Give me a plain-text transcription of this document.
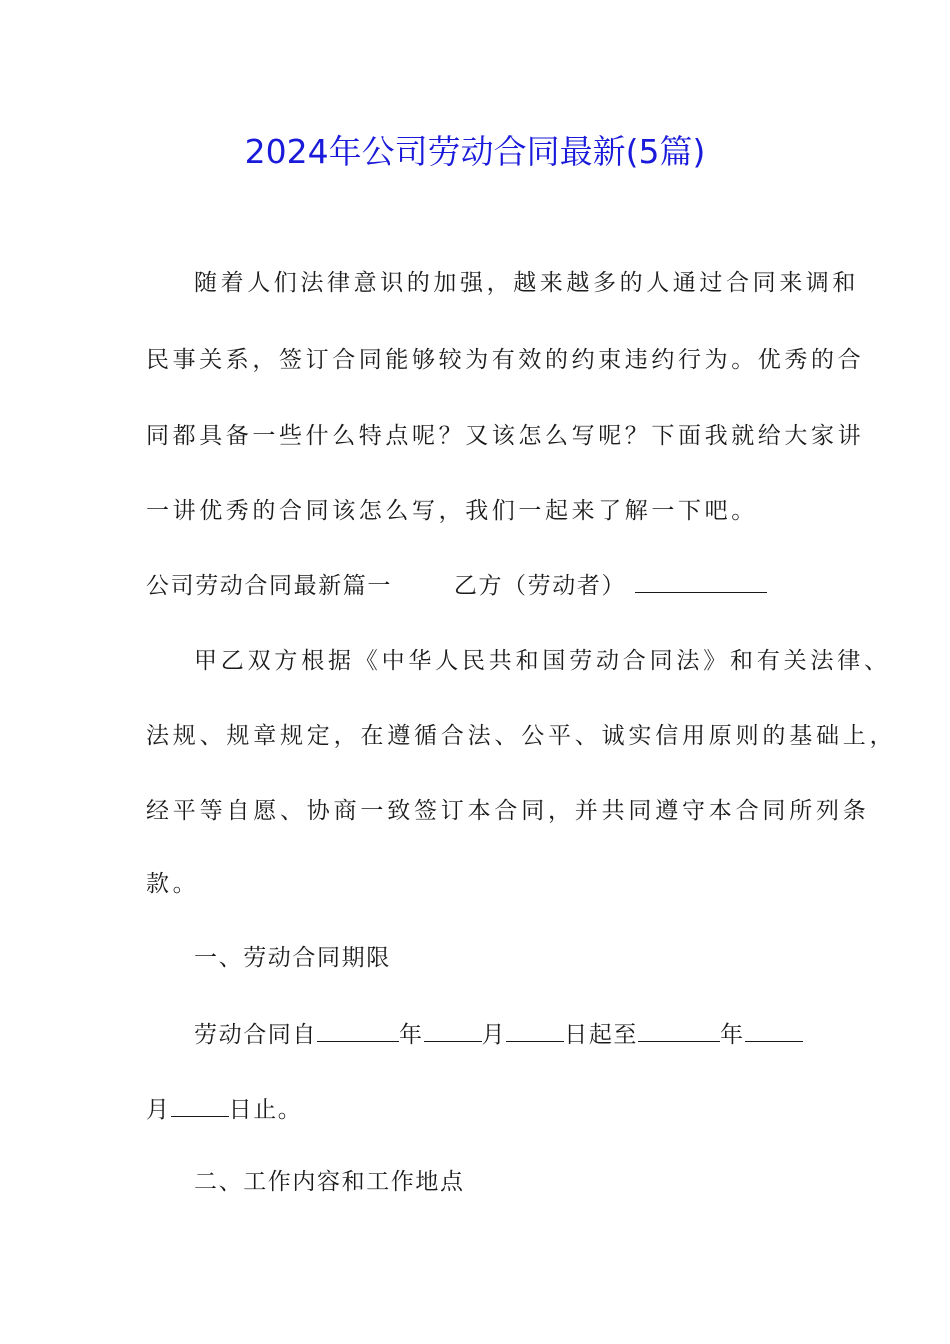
2024年公司劳动合同最新(5篇)
随着人们法律意识的加强，越来越多的人通过合同来调和
民事关系，签订合同能够较为有效的约束违约行为。优秀的合
同都具备一些什么特点呢？又该怎么写呢？下面我就给大家讲
一讲优秀的合同该怎么写，我们一起来了解一下吧。
公司劳动合同最新篇一	乙方（劳动者）
甲乙双方根据《中华人民共和国劳动合同法》和有关法律、
法规、规章规定，在遵循合法、公平、诚实信用原则的基础上，
经平等自愿、协商一致签订本合同，并共同遵守本合同所列条
款。
一、劳动合同期限
劳动合同自	年	月	日起至	年
月	日止。
二、工作内容和工作地点
